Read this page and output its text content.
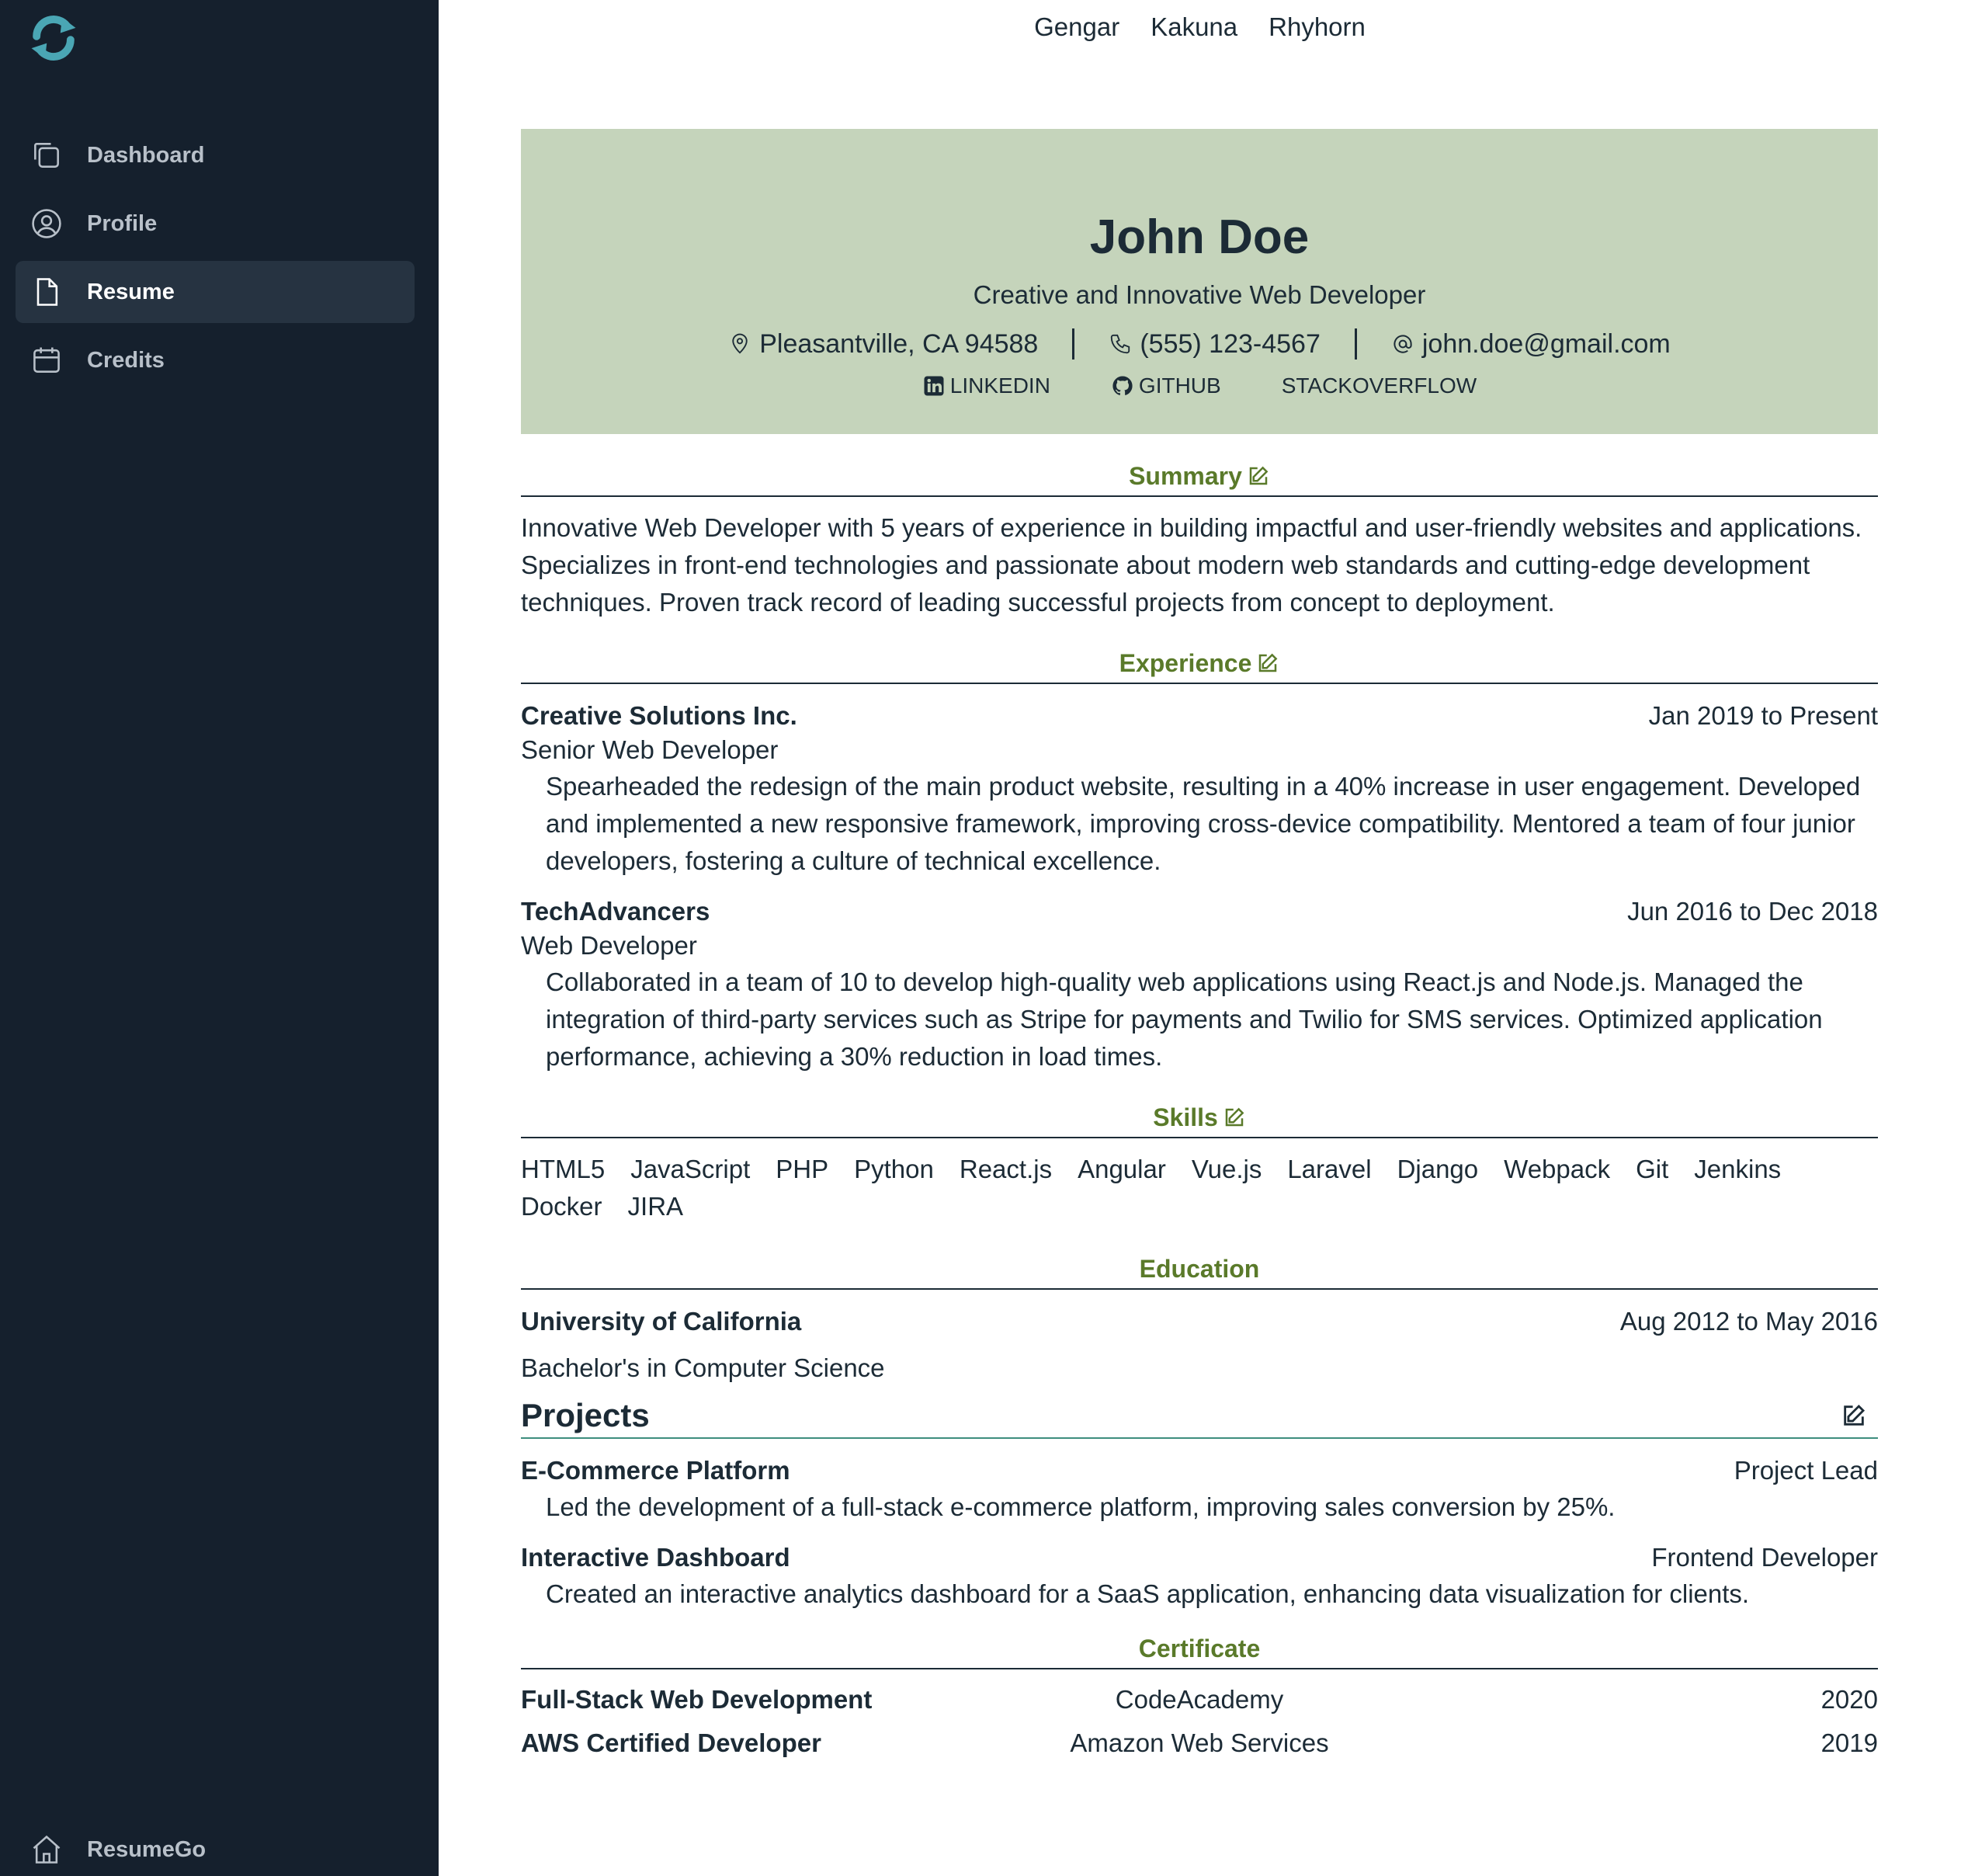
Dashboard
Profile
Resume
Credits
ResumeGo
Gengar Kakuna Rhyhorn
John Doe
Creative and Innovative Web Developer
Pleasantville, CA 94588	(555) 123-4567	john.doe@gmail.com
LINKEDIN	GITHUB	STACKOVERFLOW
Summary
Innovative Web Developer with 5 years of experience in building impactful and user-friendly websites and applications. Specializes in front-end technologies and passionate about modern web standards and cutting-edge development techniques. Proven track record of leading successful projects from concept to deployment.
Experience
Creative Solutions Inc.	Jan 2019 to Present
Senior Web Developer
Spearheaded the redesign of the main product website, resulting in a 40% increase in user engagement. Developed and implemented a new responsive framework, improving cross-device compatibility. Mentored a team of four junior developers, fostering a culture of technical excellence.
TechAdvancers	Jun 2016 to Dec 2018
Web Developer
Collaborated in a team of 10 to develop high-quality web applications using React.js and Node.js. Managed the integration of third-party services such as Stripe for payments and Twilio for SMS services. Optimized application performance, achieving a 30% reduction in load times.
Skills
HTML5 JavaScript PHP Python React.js Angular Vue.js Laravel Django Webpack Git Jenkins
Docker JIRA
Education
University of California	Aug 2012 to May 2016
Bachelor's in Computer Science
Projects
E-Commerce Platform	Project Lead
Led the development of a full-stack e-commerce platform, improving sales conversion by 25%.
Interactive Dashboard	Frontend Developer
Created an interactive analytics dashboard for a SaaS application, enhancing data visualization for clients.
Certificate
Full-Stack Web Development	CodeAcademy	2020
AWS Certified Developer	Amazon Web Services	2019
